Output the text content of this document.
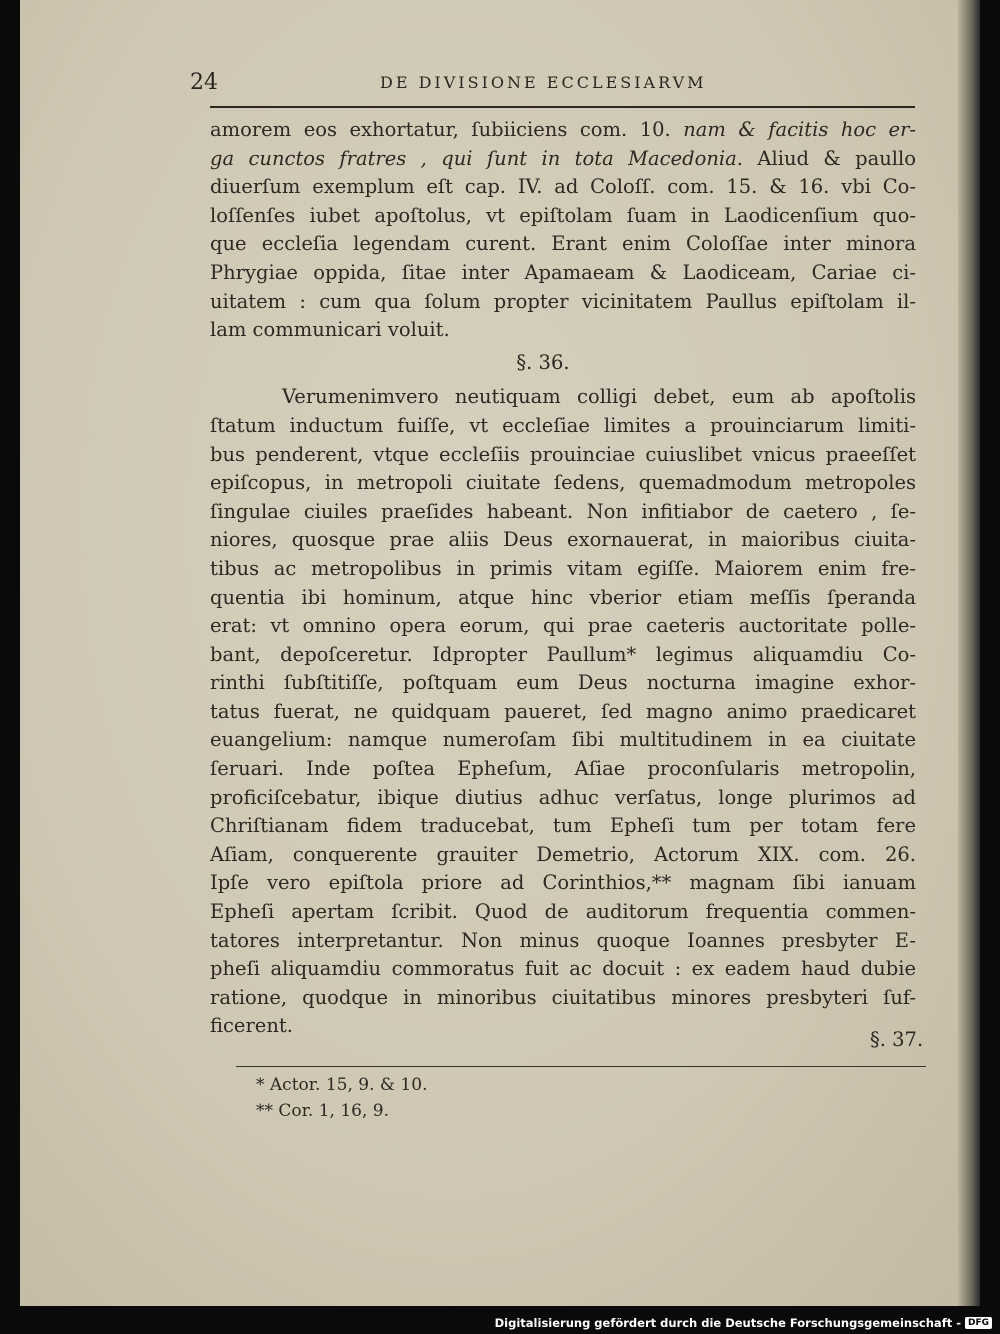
24	DE DIVISIONE ECCLESIARVM
amorem eos exhortatur, ſubiiciens com. 10. nam & facitis hoc er-
ga cunctos fratres , qui ſunt in tota Macedonia. Aliud & paullo
diuerſum exemplum eſt cap. IV. ad Coloſſ. com. 15. & 16. vbi Co-
loſſenſes iubet apoſtolus, vt epiſtolam ſuam in Laodicenſium quo-
que eccleſia legendam curent. Erant enim Coloſſae inter minora
Phrygiae oppida, ſitae inter Apamaeam & Laodiceam, Cariae ci-
uitatem : cum qua ſolum propter vicinitatem Paullus epiſtolam il-
lam communicari voluit.
§. 36.
Verumenimvero neutiquam colligi debet, eum ab apoſtolis
ſtatum inductum fuiſſe, vt eccleſiae limites a prouinciarum limiti-
bus penderent, vtque eccleſiis prouinciae cuiuslibet vnicus praeeſſet
epiſcopus, in metropoli ciuitate ſedens, quemadmodum metropoles
ſingulae ciuiles praeſides habeant. Non infitiabor de caetero , ſe-
niores, quosque prae aliis Deus exornauerat, in maioribus ciuita-
tibus ac metropolibus in primis vitam egiſſe. Maiorem enim fre-
quentia ibi hominum, atque hinc vberior etiam meſſis ſperanda
erat: vt omnino opera eorum, qui prae caeteris auctoritate polle-
bant, depoſceretur. Idpropter Paullum* legimus aliquamdiu Co-
rinthi ſubſtitiſſe, poſtquam eum Deus nocturna imagine exhor-
tatus fuerat, ne quidquam paueret, ſed magno animo praedicaret
euangelium: namque numeroſam ſibi multitudinem in ea ciuitate
ſeruari. Inde poſtea Epheſum, Aſiae proconſularis metropolin,
proficiſcebatur, ibique diutius adhuc verſatus, longe plurimos ad
Chriſtianam fidem traducebat, tum Epheſi tum per totam fere
Aſiam, conquerente grauiter Demetrio, Actorum XIX. com. 26.
Ipſe vero epiſtola priore ad Corinthios,** magnam ſibi ianuam
Epheſi apertam ſcribit. Quod de auditorum frequentia commen-
tatores interpretantur. Non minus quoque Ioannes presbyter E-
pheſi aliquamdiu commoratus fuit ac docuit : ex eadem haud dubie
ratione, quodque in minoribus ciuitatibus minores presbyteri ſuf-
ficerent.
§. 37.
* Actor. 15, 9. & 10.
** Cor. 1, 16, 9.
Digitalisierung gefördert durch die Deutsche Forschungsgemeinschaft - DFG
